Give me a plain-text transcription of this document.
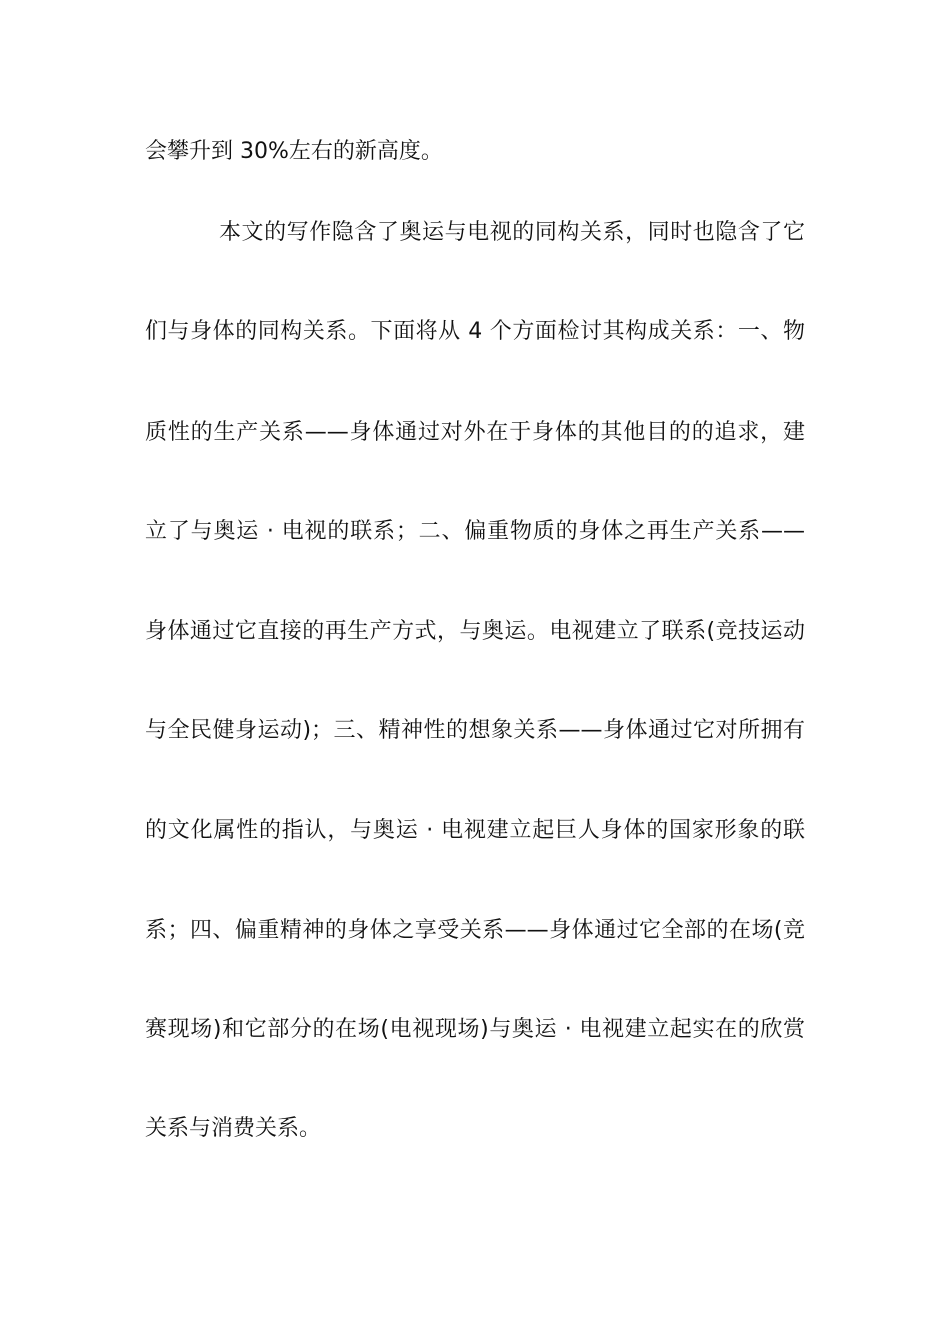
会攀升到 30%左右的新高度。
本文的写作隐含了奥运与电视的同构关系，同时也隐含了它
们与身体的同构关系。下面将从 4 个方面检讨其构成关系：一、物
质性的生产关系——身体通过对外在于身体的其他目的的追求，建
立了与奥运 · 电视的联系；二、偏重物质的身体之再生产关系——
身体通过它直接的再生产方式，与奥运。电视建立了联系(竞技运动
与全民健身运动)；三、精神性的想象关系——身体通过它对所拥有
的文化属性的指认，与奥运 · 电视建立起巨人身体的国家形象的联
系；四、偏重精神的身体之享受关系——身体通过它全部的在场(竞
赛现场)和它部分的在场(电视现场)与奥运 · 电视建立起实在的欣赏
关系与消费关系。
